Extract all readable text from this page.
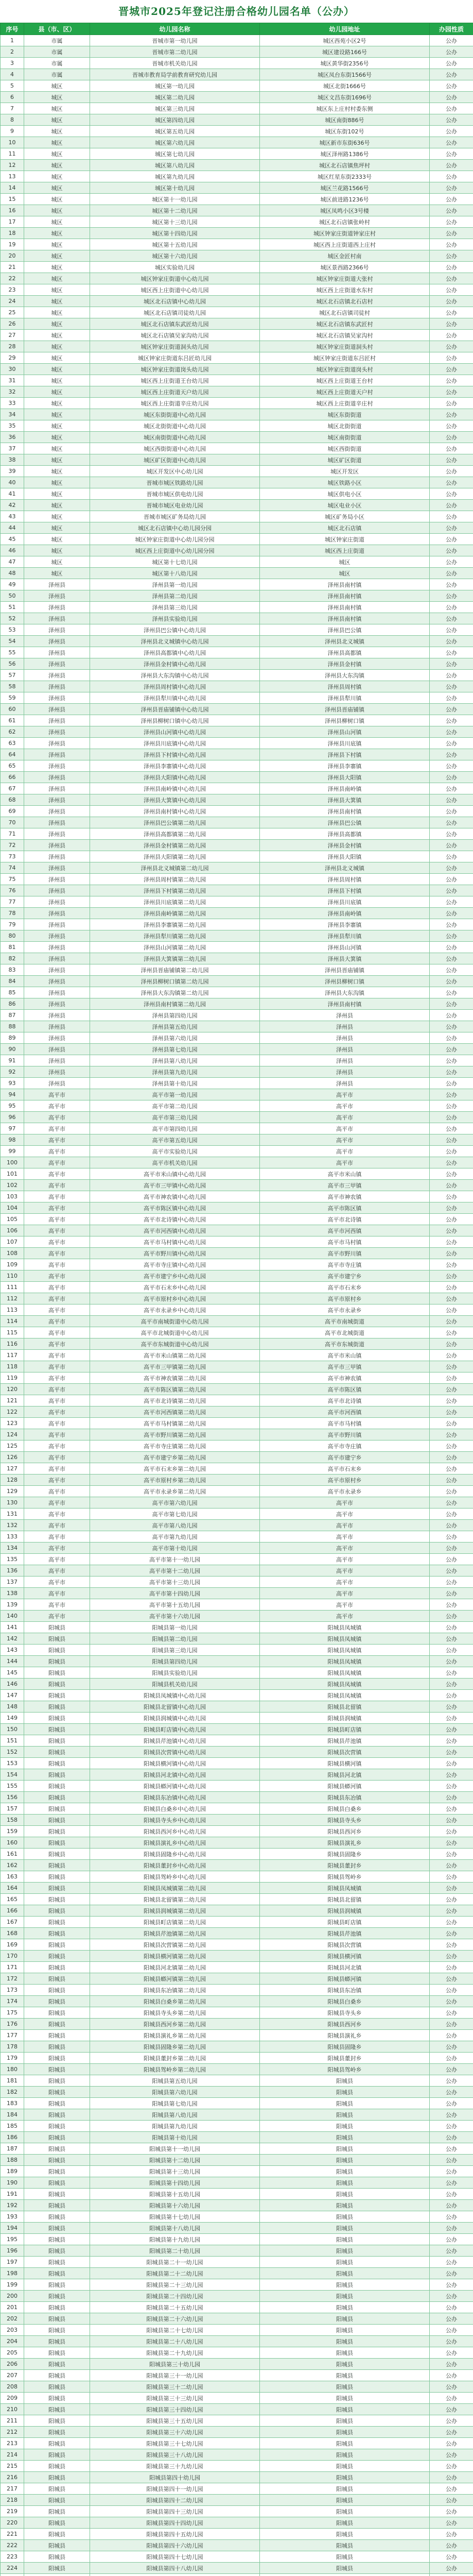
晋城市2025年登记注册合格幼儿园名单（公办）
序号	县（市、区）	幼儿园名称	幼儿园地址	办园性质
1	市属	晋城市第一幼儿园	城区西苑小区2号	公办
2	市属	晋城市第二幼儿园	城区建设路166号	公办
3	市属	晋城市机关幼儿园	城区黄华街2356号	公办
4	市属	晋城市教育局学前教育研究幼儿园	城区凤台东街1566号	公办
5	城区	城区第一幼儿园	城区北街1666号	公办
6	城区	城区第二幼儿园	城区文昌东街1696号	公办
7	城区	城区第三幼儿园	城区东上庄村村委东侧	公办
8	城区	城区第四幼儿园	城区南街886号	公办
9	城区	城区第五幼儿园	城区东街102号	公办
10	城区	城区第六幼儿园	城区新市东街636号	公办
11	城区	城区第七幼儿园	城区泽州路1386号	公办
12	城区	城区第八幼儿园	城区北石店镇焦坪村	公办
13	城区	城区第九幼儿园	城区红星东街2333号	公办
14	城区	城区第十幼儿园	城区兰花路1566号	公办
15	城区	城区第十一幼儿园	城区前进路1236号	公办
16	城区	城区第十二幼儿园	城区凤鸣小区3号楼	公办
17	城区	城区第十三幼儿园	城区北石店镇张岭村	公办
18	城区	城区第十四幼儿园	城区钟家庄街道钟家庄村	公办
19	城区	城区第十五幼儿园	城区西上庄街道西上庄村	公办
20	城区	城区第十六幼儿园	城区金匠村南	公办
21	城区	城区实验幼儿园	城区景西路2366号	公办
22	城区	城区钟家庄街道中心幼儿园	城区钟家庄街道大张村	公办
23	城区	城区西上庄街道中心幼儿园	城区西上庄街道水东村	公办
24	城区	城区北石店镇中心幼儿园	城区北石店镇北石店村	公办
25	城区	城区北石店镇司徒幼儿园	城区北石店镇司徒村	公办
26	城区	城区北石店镇东武匠幼儿园	城区北石店镇东武匠村	公办
27	城区	城区北石店镇吴家沟幼儿园	城区北石店镇吴家沟村	公办
28	城区	城区钟家庄街道洞头幼儿园	城区钟家庄街道洞头村	公办
29	城区	城区钟家庄街道东吕匠幼儿园	城区钟家庄街道东吕匠村	公办
30	城区	城区钟家庄街道岗头幼儿园	城区钟家庄街道岗头村	公办
31	城区	城区西上庄街道王台幼儿园	城区西上庄街道王台村	公办
32	城区	城区西上庄街道天户幼儿园	城区西上庄街道天户村	公办
33	城区	城区西上庄街道辛庄幼儿园	城区西上庄街道辛庄村	公办
34	城区	城区东街街道中心幼儿园	城区东街街道	公办
35	城区	城区北街街道中心幼儿园	城区北街街道	公办
36	城区	城区南街街道中心幼儿园	城区南街街道	公办
37	城区	城区西街街道中心幼儿园	城区西街街道	公办
38	城区	城区矿区街道中心幼儿园	城区矿区街道	公办
39	城区	城区开发区中心幼儿园	城区开发区	公办
40	城区	晋城市城区铁路幼儿园	城区铁路小区	公办
41	城区	晋城市城区供电幼儿园	城区供电小区	公办
42	城区	晋城市城区电业幼儿园	城区电业小区	公办
43	城区	晋城市城区矿务局幼儿园	城区矿务局小区	公办
44	城区	城区北石店镇中心幼儿园分园	城区北石店镇	公办
45	城区	城区钟家庄街道中心幼儿园分园	城区钟家庄街道	公办
46	城区	城区西上庄街道中心幼儿园分园	城区西上庄街道	公办
47	城区	城区第十七幼儿园	城区	公办
48	城区	城区第十八幼儿园	城区	公办
49	泽州县	泽州县第一幼儿园	泽州县南村镇	公办
50	泽州县	泽州县第二幼儿园	泽州县南村镇	公办
51	泽州县	泽州县第三幼儿园	泽州县南村镇	公办
52	泽州县	泽州县实验幼儿园	泽州县南村镇	公办
53	泽州县	泽州县巴公镇中心幼儿园	泽州县巴公镇	公办
54	泽州县	泽州县北义城镇中心幼儿园	泽州县北义城镇	公办
55	泽州县	泽州县高都镇中心幼儿园	泽州县高都镇	公办
56	泽州县	泽州县金村镇中心幼儿园	泽州县金村镇	公办
57	泽州县	泽州县大东沟镇中心幼儿园	泽州县大东沟镇	公办
58	泽州县	泽州县周村镇中心幼儿园	泽州县周村镇	公办
59	泽州县	泽州县犁川镇中心幼儿园	泽州县犁川镇	公办
60	泽州县	泽州县晋庙铺镇中心幼儿园	泽州县晋庙铺镇	公办
61	泽州县	泽州县柳树口镇中心幼儿园	泽州县柳树口镇	公办
62	泽州县	泽州县山河镇中心幼儿园	泽州县山河镇	公办
63	泽州县	泽州县川底镇中心幼儿园	泽州县川底镇	公办
64	泽州县	泽州县下村镇中心幼儿园	泽州县下村镇	公办
65	泽州县	泽州县李寨镇中心幼儿园	泽州县李寨镇	公办
66	泽州县	泽州县大阳镇中心幼儿园	泽州县大阳镇	公办
67	泽州县	泽州县南岭镇中心幼儿园	泽州县南岭镇	公办
68	泽州县	泽州县大箕镇中心幼儿园	泽州县大箕镇	公办
69	泽州县	泽州县南村镇中心幼儿园	泽州县南村镇	公办
70	泽州县	泽州县巴公镇第二幼儿园	泽州县巴公镇	公办
71	泽州县	泽州县高都镇第二幼儿园	泽州县高都镇	公办
72	泽州县	泽州县金村镇第二幼儿园	泽州县金村镇	公办
73	泽州县	泽州县大阳镇第二幼儿园	泽州县大阳镇	公办
74	泽州县	泽州县北义城镇第二幼儿园	泽州县北义城镇	公办
75	泽州县	泽州县周村镇第二幼儿园	泽州县周村镇	公办
76	泽州县	泽州县下村镇第二幼儿园	泽州县下村镇	公办
77	泽州县	泽州县川底镇第二幼儿园	泽州县川底镇	公办
78	泽州县	泽州县南岭镇第二幼儿园	泽州县南岭镇	公办
79	泽州县	泽州县李寨镇第二幼儿园	泽州县李寨镇	公办
80	泽州县	泽州县犁川镇第二幼儿园	泽州县犁川镇	公办
81	泽州县	泽州县山河镇第二幼儿园	泽州县山河镇	公办
82	泽州县	泽州县大箕镇第二幼儿园	泽州县大箕镇	公办
83	泽州县	泽州县晋庙铺镇第二幼儿园	泽州县晋庙铺镇	公办
84	泽州县	泽州县柳树口镇第二幼儿园	泽州县柳树口镇	公办
85	泽州县	泽州县大东沟镇第二幼儿园	泽州县大东沟镇	公办
86	泽州县	泽州县南村镇第二幼儿园	泽州县南村镇	公办
87	泽州县	泽州县第四幼儿园	泽州县	公办
88	泽州县	泽州县第五幼儿园	泽州县	公办
89	泽州县	泽州县第六幼儿园	泽州县	公办
90	泽州县	泽州县第七幼儿园	泽州县	公办
91	泽州县	泽州县第八幼儿园	泽州县	公办
92	泽州县	泽州县第九幼儿园	泽州县	公办
93	泽州县	泽州县第十幼儿园	泽州县	公办
94	高平市	高平市第一幼儿园	高平市	公办
95	高平市	高平市第二幼儿园	高平市	公办
96	高平市	高平市第三幼儿园	高平市	公办
97	高平市	高平市第四幼儿园	高平市	公办
98	高平市	高平市第五幼儿园	高平市	公办
99	高平市	高平市实验幼儿园	高平市	公办
100	高平市	高平市机关幼儿园	高平市	公办
101	高平市	高平市米山镇中心幼儿园	高平市米山镇	公办
102	高平市	高平市三甲镇中心幼儿园	高平市三甲镇	公办
103	高平市	高平市神农镇中心幼儿园	高平市神农镇	公办
104	高平市	高平市陈区镇中心幼儿园	高平市陈区镇	公办
105	高平市	高平市北诗镇中心幼儿园	高平市北诗镇	公办
106	高平市	高平市河西镇中心幼儿园	高平市河西镇	公办
107	高平市	高平市马村镇中心幼儿园	高平市马村镇	公办
108	高平市	高平市野川镇中心幼儿园	高平市野川镇	公办
109	高平市	高平市寺庄镇中心幼儿园	高平市寺庄镇	公办
110	高平市	高平市建宁乡中心幼儿园	高平市建宁乡	公办
111	高平市	高平市石末乡中心幼儿园	高平市石末乡	公办
112	高平市	高平市原村乡中心幼儿园	高平市原村乡	公办
113	高平市	高平市永录乡中心幼儿园	高平市永录乡	公办
114	高平市	高平市南城街道中心幼儿园	高平市南城街道	公办
115	高平市	高平市北城街道中心幼儿园	高平市北城街道	公办
116	高平市	高平市东城街道中心幼儿园	高平市东城街道	公办
117	高平市	高平市米山镇第二幼儿园	高平市米山镇	公办
118	高平市	高平市三甲镇第二幼儿园	高平市三甲镇	公办
119	高平市	高平市神农镇第二幼儿园	高平市神农镇	公办
120	高平市	高平市陈区镇第二幼儿园	高平市陈区镇	公办
121	高平市	高平市北诗镇第二幼儿园	高平市北诗镇	公办
122	高平市	高平市河西镇第二幼儿园	高平市河西镇	公办
123	高平市	高平市马村镇第二幼儿园	高平市马村镇	公办
124	高平市	高平市野川镇第二幼儿园	高平市野川镇	公办
125	高平市	高平市寺庄镇第二幼儿园	高平市寺庄镇	公办
126	高平市	高平市建宁乡第二幼儿园	高平市建宁乡	公办
127	高平市	高平市石末乡第二幼儿园	高平市石末乡	公办
128	高平市	高平市原村乡第二幼儿园	高平市原村乡	公办
129	高平市	高平市永录乡第二幼儿园	高平市永录乡	公办
130	高平市	高平市第六幼儿园	高平市	公办
131	高平市	高平市第七幼儿园	高平市	公办
132	高平市	高平市第八幼儿园	高平市	公办
133	高平市	高平市第九幼儿园	高平市	公办
134	高平市	高平市第十幼儿园	高平市	公办
135	高平市	高平市第十一幼儿园	高平市	公办
136	高平市	高平市第十二幼儿园	高平市	公办
137	高平市	高平市第十三幼儿园	高平市	公办
138	高平市	高平市第十四幼儿园	高平市	公办
139	高平市	高平市第十五幼儿园	高平市	公办
140	高平市	高平市第十六幼儿园	高平市	公办
141	阳城县	阳城县第一幼儿园	阳城县凤城镇	公办
142	阳城县	阳城县第二幼儿园	阳城县凤城镇	公办
143	阳城县	阳城县第三幼儿园	阳城县凤城镇	公办
144	阳城县	阳城县第四幼儿园	阳城县凤城镇	公办
145	阳城县	阳城县实验幼儿园	阳城县凤城镇	公办
146	阳城县	阳城县机关幼儿园	阳城县凤城镇	公办
147	阳城县	阳城县凤城镇中心幼儿园	阳城县凤城镇	公办
148	阳城县	阳城县北留镇中心幼儿园	阳城县北留镇	公办
149	阳城县	阳城县润城镇中心幼儿园	阳城县润城镇	公办
150	阳城县	阳城县町店镇中心幼儿园	阳城县町店镇	公办
151	阳城县	阳城县芹池镇中心幼儿园	阳城县芹池镇	公办
152	阳城县	阳城县次营镇中心幼儿园	阳城县次营镇	公办
153	阳城县	阳城县横河镇中心幼儿园	阳城县横河镇	公办
154	阳城县	阳城县河北镇中心幼儿园	阳城县河北镇	公办
155	阳城县	阳城县蟒河镇中心幼儿园	阳城县蟒河镇	公办
156	阳城县	阳城县东冶镇中心幼儿园	阳城县东冶镇	公办
157	阳城县	阳城县白桑乡中心幼儿园	阳城县白桑乡	公办
158	阳城县	阳城县寺头乡中心幼儿园	阳城县寺头乡	公办
159	阳城县	阳城县西河乡中心幼儿园	阳城县西河乡	公办
160	阳城县	阳城县演礼乡中心幼儿园	阳城县演礼乡	公办
161	阳城县	阳城县固隆乡中心幼儿园	阳城县固隆乡	公办
162	阳城县	阳城县董封乡中心幼儿园	阳城县董封乡	公办
163	阳城县	阳城县驾岭乡中心幼儿园	阳城县驾岭乡	公办
164	阳城县	阳城县凤城镇第二幼儿园	阳城县凤城镇	公办
165	阳城县	阳城县北留镇第二幼儿园	阳城县北留镇	公办
166	阳城县	阳城县润城镇第二幼儿园	阳城县润城镇	公办
167	阳城县	阳城县町店镇第二幼儿园	阳城县町店镇	公办
168	阳城县	阳城县芹池镇第二幼儿园	阳城县芹池镇	公办
169	阳城县	阳城县次营镇第二幼儿园	阳城县次营镇	公办
170	阳城县	阳城县横河镇第二幼儿园	阳城县横河镇	公办
171	阳城县	阳城县河北镇第二幼儿园	阳城县河北镇	公办
172	阳城县	阳城县蟒河镇第二幼儿园	阳城县蟒河镇	公办
173	阳城县	阳城县东冶镇第二幼儿园	阳城县东冶镇	公办
174	阳城县	阳城县白桑乡第二幼儿园	阳城县白桑乡	公办
175	阳城县	阳城县寺头乡第二幼儿园	阳城县寺头乡	公办
176	阳城县	阳城县西河乡第二幼儿园	阳城县西河乡	公办
177	阳城县	阳城县演礼乡第二幼儿园	阳城县演礼乡	公办
178	阳城县	阳城县固隆乡第二幼儿园	阳城县固隆乡	公办
179	阳城县	阳城县董封乡第二幼儿园	阳城县董封乡	公办
180	阳城县	阳城县驾岭乡第二幼儿园	阳城县驾岭乡	公办
181	阳城县	阳城县第五幼儿园	阳城县	公办
182	阳城县	阳城县第六幼儿园	阳城县	公办
183	阳城县	阳城县第七幼儿园	阳城县	公办
184	阳城县	阳城县第八幼儿园	阳城县	公办
185	阳城县	阳城县第九幼儿园	阳城县	公办
186	阳城县	阳城县第十幼儿园	阳城县	公办
187	阳城县	阳城县第十一幼儿园	阳城县	公办
188	阳城县	阳城县第十二幼儿园	阳城县	公办
189	阳城县	阳城县第十三幼儿园	阳城县	公办
190	阳城县	阳城县第十四幼儿园	阳城县	公办
191	阳城县	阳城县第十五幼儿园	阳城县	公办
192	阳城县	阳城县第十六幼儿园	阳城县	公办
193	阳城县	阳城县第十七幼儿园	阳城县	公办
194	阳城县	阳城县第十八幼儿园	阳城县	公办
195	阳城县	阳城县第十九幼儿园	阳城县	公办
196	阳城县	阳城县第二十幼儿园	阳城县	公办
197	阳城县	阳城县第二十一幼儿园	阳城县	公办
198	阳城县	阳城县第二十二幼儿园	阳城县	公办
199	阳城县	阳城县第二十三幼儿园	阳城县	公办
200	阳城县	阳城县第二十四幼儿园	阳城县	公办
201	阳城县	阳城县第二十五幼儿园	阳城县	公办
202	阳城县	阳城县第二十六幼儿园	阳城县	公办
203	阳城县	阳城县第二十七幼儿园	阳城县	公办
204	阳城县	阳城县第二十八幼儿园	阳城县	公办
205	阳城县	阳城县第二十九幼儿园	阳城县	公办
206	阳城县	阳城县第三十幼儿园	阳城县	公办
207	阳城县	阳城县第三十一幼儿园	阳城县	公办
208	阳城县	阳城县第三十二幼儿园	阳城县	公办
209	阳城县	阳城县第三十三幼儿园	阳城县	公办
210	阳城县	阳城县第三十四幼儿园	阳城县	公办
211	阳城县	阳城县第三十五幼儿园	阳城县	公办
212	阳城县	阳城县第三十六幼儿园	阳城县	公办
213	阳城县	阳城县第三十七幼儿园	阳城县	公办
214	阳城县	阳城县第三十八幼儿园	阳城县	公办
215	阳城县	阳城县第三十九幼儿园	阳城县	公办
216	阳城县	阳城县第四十幼儿园	阳城县	公办
217	阳城县	阳城县第四十一幼儿园	阳城县	公办
218	阳城县	阳城县第四十二幼儿园	阳城县	公办
219	阳城县	阳城县第四十三幼儿园	阳城县	公办
220	阳城县	阳城县第四十四幼儿园	阳城县	公办
221	阳城县	阳城县第四十五幼儿园	阳城县	公办
222	阳城县	阳城县第四十六幼儿园	阳城县	公办
223	阳城县	阳城县第四十七幼儿园	阳城县	公办
224	阳城县	阳城县第四十八幼儿园	阳城县	公办
